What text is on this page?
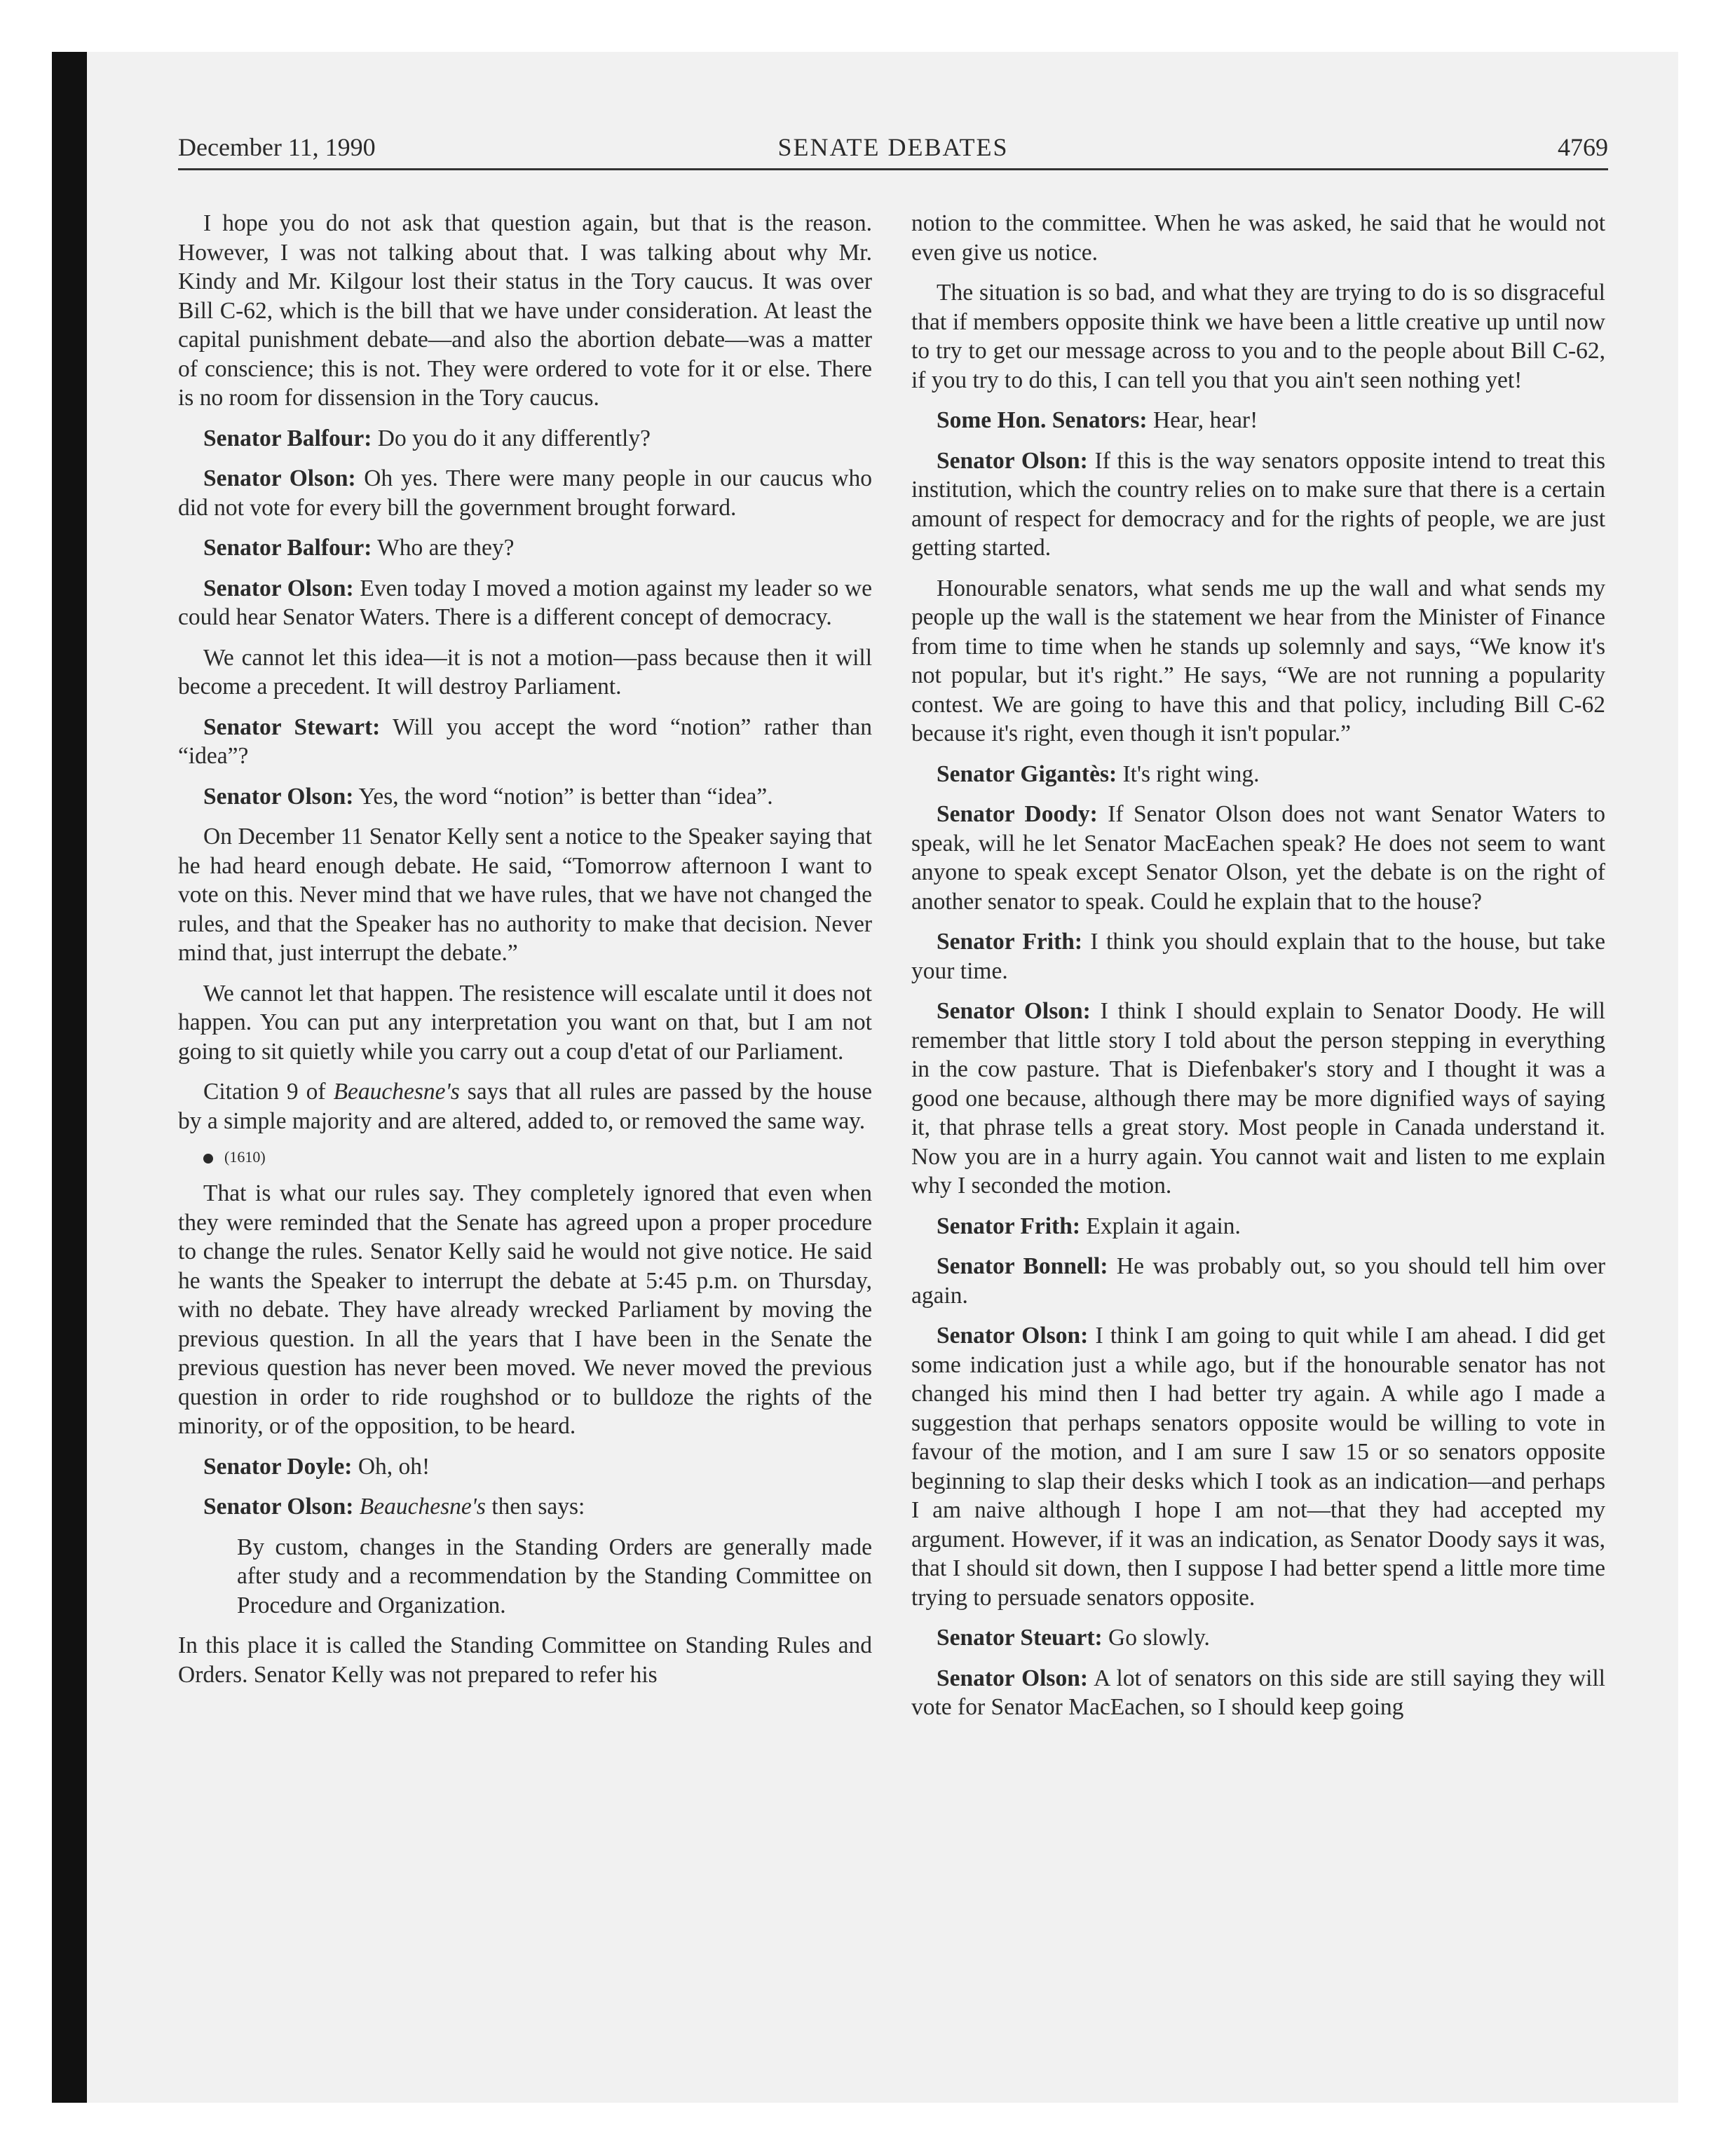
December 11, 1990	SENATE DEBATES	4769

I hope you do not ask that question again, but that is the reason. However, I was not talking about that. I was talking about why Mr. Kindy and Mr. Kilgour lost their status in the Tory caucus. It was over Bill C-62, which is the bill that we have under consideration. At least the capital punishment debate—and also the abortion debate—was a matter of conscience; this is not. They were ordered to vote for it or else. There is no room for dissension in the Tory caucus.

Senator Balfour: Do you do it any differently?

Senator Olson: Oh yes. There were many people in our caucus who did not vote for every bill the government brought forward.

Senator Balfour: Who are they?

Senator Olson: Even today I moved a motion against my leader so we could hear Senator Waters. There is a different concept of democracy.

We cannot let this idea—it is not a motion—pass because then it will become a precedent. It will destroy Parliament.

Senator Stewart: Will you accept the word “notion” rather than “idea”?

Senator Olson: Yes, the word “notion” is better than “idea”.

On December 11 Senator Kelly sent a notice to the Speaker saying that he had heard enough debate. He said, “Tomorrow afternoon I want to vote on this. Never mind that we have rules, that we have not changed the rules, and that the Speaker has no authority to make that decision. Never mind that, just interrupt the debate.”

We cannot let that happen. The resistence will escalate until it does not happen. You can put any interpretation you want on that, but I am not going to sit quietly while you carry out a coup d'etat of our Parliament.

Citation 9 of Beauchesne's says that all rules are passed by the house by a simple majority and are altered, added to, or removed the same way.

(1610)

That is what our rules say. They completely ignored that even when they were reminded that the Senate has agreed upon a proper procedure to change the rules. Senator Kelly said he would not give notice. He said he wants the Speaker to interrupt the debate at 5:45 p.m. on Thursday, with no debate. They have already wrecked Parliament by moving the previous question. In all the years that I have been in the Senate the previous question has never been moved. We never moved the previous question in order to ride roughshod or to bulldoze the rights of the minority, or of the opposition, to be heard.

Senator Doyle: Oh, oh!

Senator Olson: Beauchesne's then says:

By custom, changes in the Standing Orders are generally made after study and a recommendation by the Standing Committee on Procedure and Organization.

In this place it is called the Standing Committee on Standing Rules and Orders. Senator Kelly was not prepared to refer his

notion to the committee. When he was asked, he said that he would not even give us notice.

The situation is so bad, and what they are trying to do is so disgraceful that if members opposite think we have been a little creative up until now to try to get our message across to you and to the people about Bill C-62, if you try to do this, I can tell you that you ain't seen nothing yet!

Some Hon. Senators: Hear, hear!

Senator Olson: If this is the way senators opposite intend to treat this institution, which the country relies on to make sure that there is a certain amount of respect for democracy and for the rights of people, we are just getting started.

Honourable senators, what sends me up the wall and what sends my people up the wall is the statement we hear from the Minister of Finance from time to time when he stands up solemnly and says, “We know it's not popular, but it's right.” He says, “We are not running a popularity contest. We are going to have this and that policy, including Bill C-62 because it's right, even though it isn't popular.”

Senator Gigantès: It's right wing.

Senator Doody: If Senator Olson does not want Senator Waters to speak, will he let Senator MacEachen speak? He does not seem to want anyone to speak except Senator Olson, yet the debate is on the right of another senator to speak. Could he explain that to the house?

Senator Frith: I think you should explain that to the house, but take your time.

Senator Olson: I think I should explain to Senator Doody. He will remember that little story I told about the person stepping in everything in the cow pasture. That is Diefenbaker's story and I thought it was a good one because, although there may be more dignified ways of saying it, that phrase tells a great story. Most people in Canada understand it. Now you are in a hurry again. You cannot wait and listen to me explain why I seconded the motion.

Senator Frith: Explain it again.

Senator Bonnell: He was probably out, so you should tell him over again.

Senator Olson: I think I am going to quit while I am ahead. I did get some indication just a while ago, but if the honourable senator has not changed his mind then I had better try again. A while ago I made a suggestion that perhaps senators opposite would be willing to vote in favour of the motion, and I am sure I saw 15 or so senators opposite beginning to slap their desks which I took as an indication—and perhaps I am naive although I hope I am not—that they had accepted my argument. However, if it was an indication, as Senator Doody says it was, that I should sit down, then I suppose I had better spend a little more time trying to persuade senators opposite.

Senator Steuart: Go slowly.

Senator Olson: A lot of senators on this side are still saying they will vote for Senator MacEachen, so I should keep going
